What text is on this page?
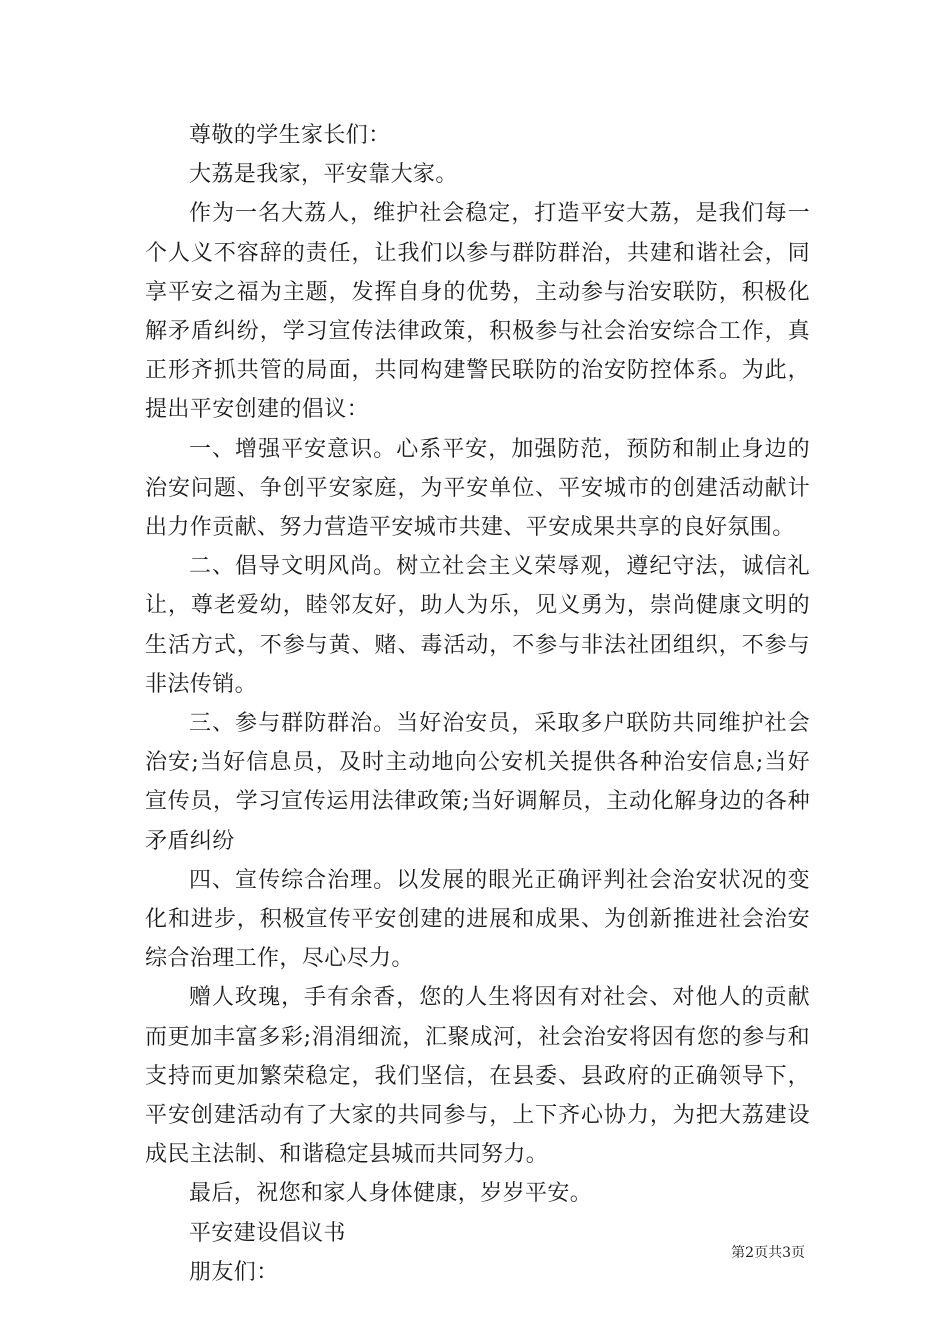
尊敬的学生家长们：

大荔是我家，平安靠大家。

作为一名大荔人，维护社会稳定，打造平安大荔，是我们每一个人义不容辞的责任，让我们以参与群防群治，共建和谐社会，同享平安之福为主题，发挥自身的优势，主动参与治安联防，积极化解矛盾纠纷，学习宣传法律政策，积极参与社会治安综合工作，真正形齐抓共管的局面，共同构建警民联防的治安防控体系。为此，提出平安创建的倡议：

一、增强平安意识。心系平安，加强防范，预防和制止身边的治安问题、争创平安家庭，为平安单位、平安城市的创建活动献计出力作贡献、努力营造平安城市共建、平安成果共享的良好氛围。

二、倡导文明风尚。树立社会主义荣辱观，遵纪守法，诚信礼让，尊老爱幼，睦邻友好，助人为乐，见义勇为，崇尚健康文明的生活方式，不参与黄、赌、毒活动，不参与非法社团组织，不参与非法传销。

三、参与群防群治。当好治安员，采取多户联防共同维护社会治安;当好信息员，及时主动地向公安机关提供各种治安信息;当好宣传员，学习宣传运用法律政策;当好调解员，主动化解身边的各种矛盾纠纷

四、宣传综合治理。以发展的眼光正确评判社会治安状况的变化和进步，积极宣传平安创建的进展和成果、为创新推进社会治安综合治理工作，尽心尽力。

赠人玫瑰，手有余香，您的人生将因有对社会、对他人的贡献而更加丰富多彩;涓涓细流，汇聚成河，社会治安将因有您的参与和支持而更加繁荣稳定，我们坚信，在县委、县政府的正确领导下，平安创建活动有了大家的共同参与，上下齐心协力，为把大荔建设成民主法制、和谐稳定县城而共同努力。

最后，祝您和家人身体健康，岁岁平安。

平安建设倡议书

朋友们：

第2页共3页
